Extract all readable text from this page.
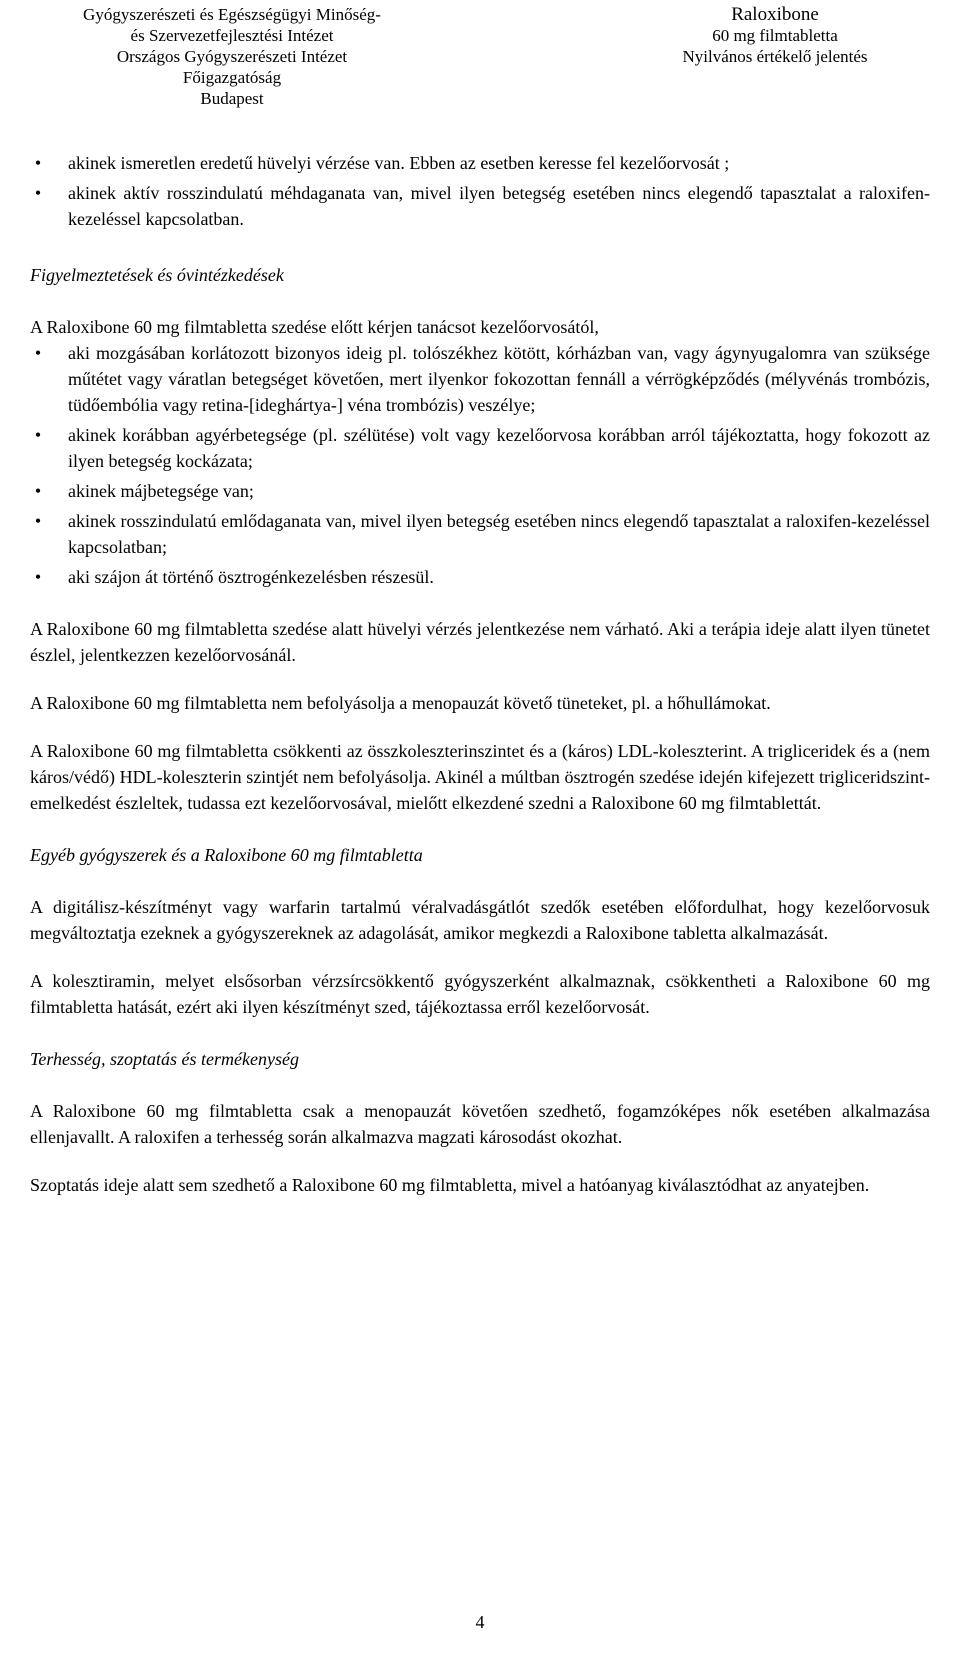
Gyógyszerészeti és Egészségügyi Minőség-
és Szervezetfejlesztési Intézet
Országos Gyógyszerészeti Intézet
Főigazgatóság
Budapest
Raloxibone
60 mg filmtabletta
Nyilvános értékelő jelentés
• akinek ismeretlen eredetű hüvelyi vérzése van. Ebben az esetben keresse fel kezelőorvosát ;
• akinek aktív rosszindulatú méhdaganata van, mivel ilyen betegség esetében nincs elegendő tapasztalat a raloxifen-kezeléssel kapcsolatban.

Figyelmeztetések és óvintézkedések

A Raloxibone 60 mg filmtabletta szedése előtt kérjen tanácsot kezelőorvosától,

• aki mozgásában korlátozott bizonyos ideig pl. tolószékhez kötött, kórházban van, vagy ágynyugalomra van szüksége műtétet vagy váratlan betegséget követően, mert ilyenkor fokozottan fennáll a vérrögképződés (mélyvénás trombózis, tüdőembólia vagy retina-[ideghártya-] véna trombózis) veszélye;
• akinek korábban agyérbetegsége (pl. szélütése) volt vagy kezelőorvosa korábban arról tájékoztatta, hogy fokozott az ilyen betegség kockázata;
• akinek májbetegsége van;
• akinek rosszindulatú emlődaganata van, mivel ilyen betegség esetében nincs elegendő tapasztalat a raloxifen-kezeléssel kapcsolatban;
• aki szájon át történő ösztrogénkezelésben részesül.

A Raloxibone 60 mg filmtabletta szedése alatt hüvelyi vérzés jelentkezése nem várható. Aki a terápia ideje alatt ilyen tünetet észlel, jelentkezzen kezelőorvosánál.

A Raloxibone 60 mg filmtabletta nem befolyásolja a menopauzát követő tüneteket, pl. a hőhullámokat.

A Raloxibone 60 mg filmtabletta csökkenti az összkoleszterinszintet és a (káros) LDL-koleszterint. A trigliceridek és a (nem káros/védő) HDL-koleszterin szintjét nem befolyásolja. Akinél a múltban ösztrogén szedése idején kifejezett trigliceridszint-emelkedést észleltek, tudassa ezt kezelőorvosával, mielőtt elkezdené szedni a Raloxibone 60 mg filmtablettát.

Egyéb gyógyszerek és a Raloxibone 60 mg filmtabletta

A digitálisz-készítményt vagy warfarin tartalmú véralvadásgátlót szedők esetében előfordulhat, hogy kezelőorvosuk megváltoztatja ezeknek a gyógyszereknek az adagolását, amikor megkezdi a Raloxibone tabletta alkalmazását.

A kolesztiramin, melyet elsősorban vérzsírcsökkentő gyógyszerként alkalmaznak, csökkentheti a Raloxibone 60 mg filmtabletta hatását, ezért aki ilyen készítményt szed, tájékoztassa erről kezelőorvosát.

Terhesség, szoptatás és termékenység

A Raloxibone 60 mg filmtabletta csak a menopauzát követően szedhető, fogamzóképes nők esetében alkalmazása ellenjavallt. A raloxifen a terhesség során alkalmazva magzati károsodást okozhat.

Szoptatás ideje alatt sem szedhető a Raloxibone 60 mg filmtabletta, mivel a hatóanyag kiválasztódhat az anyatejben.

4
